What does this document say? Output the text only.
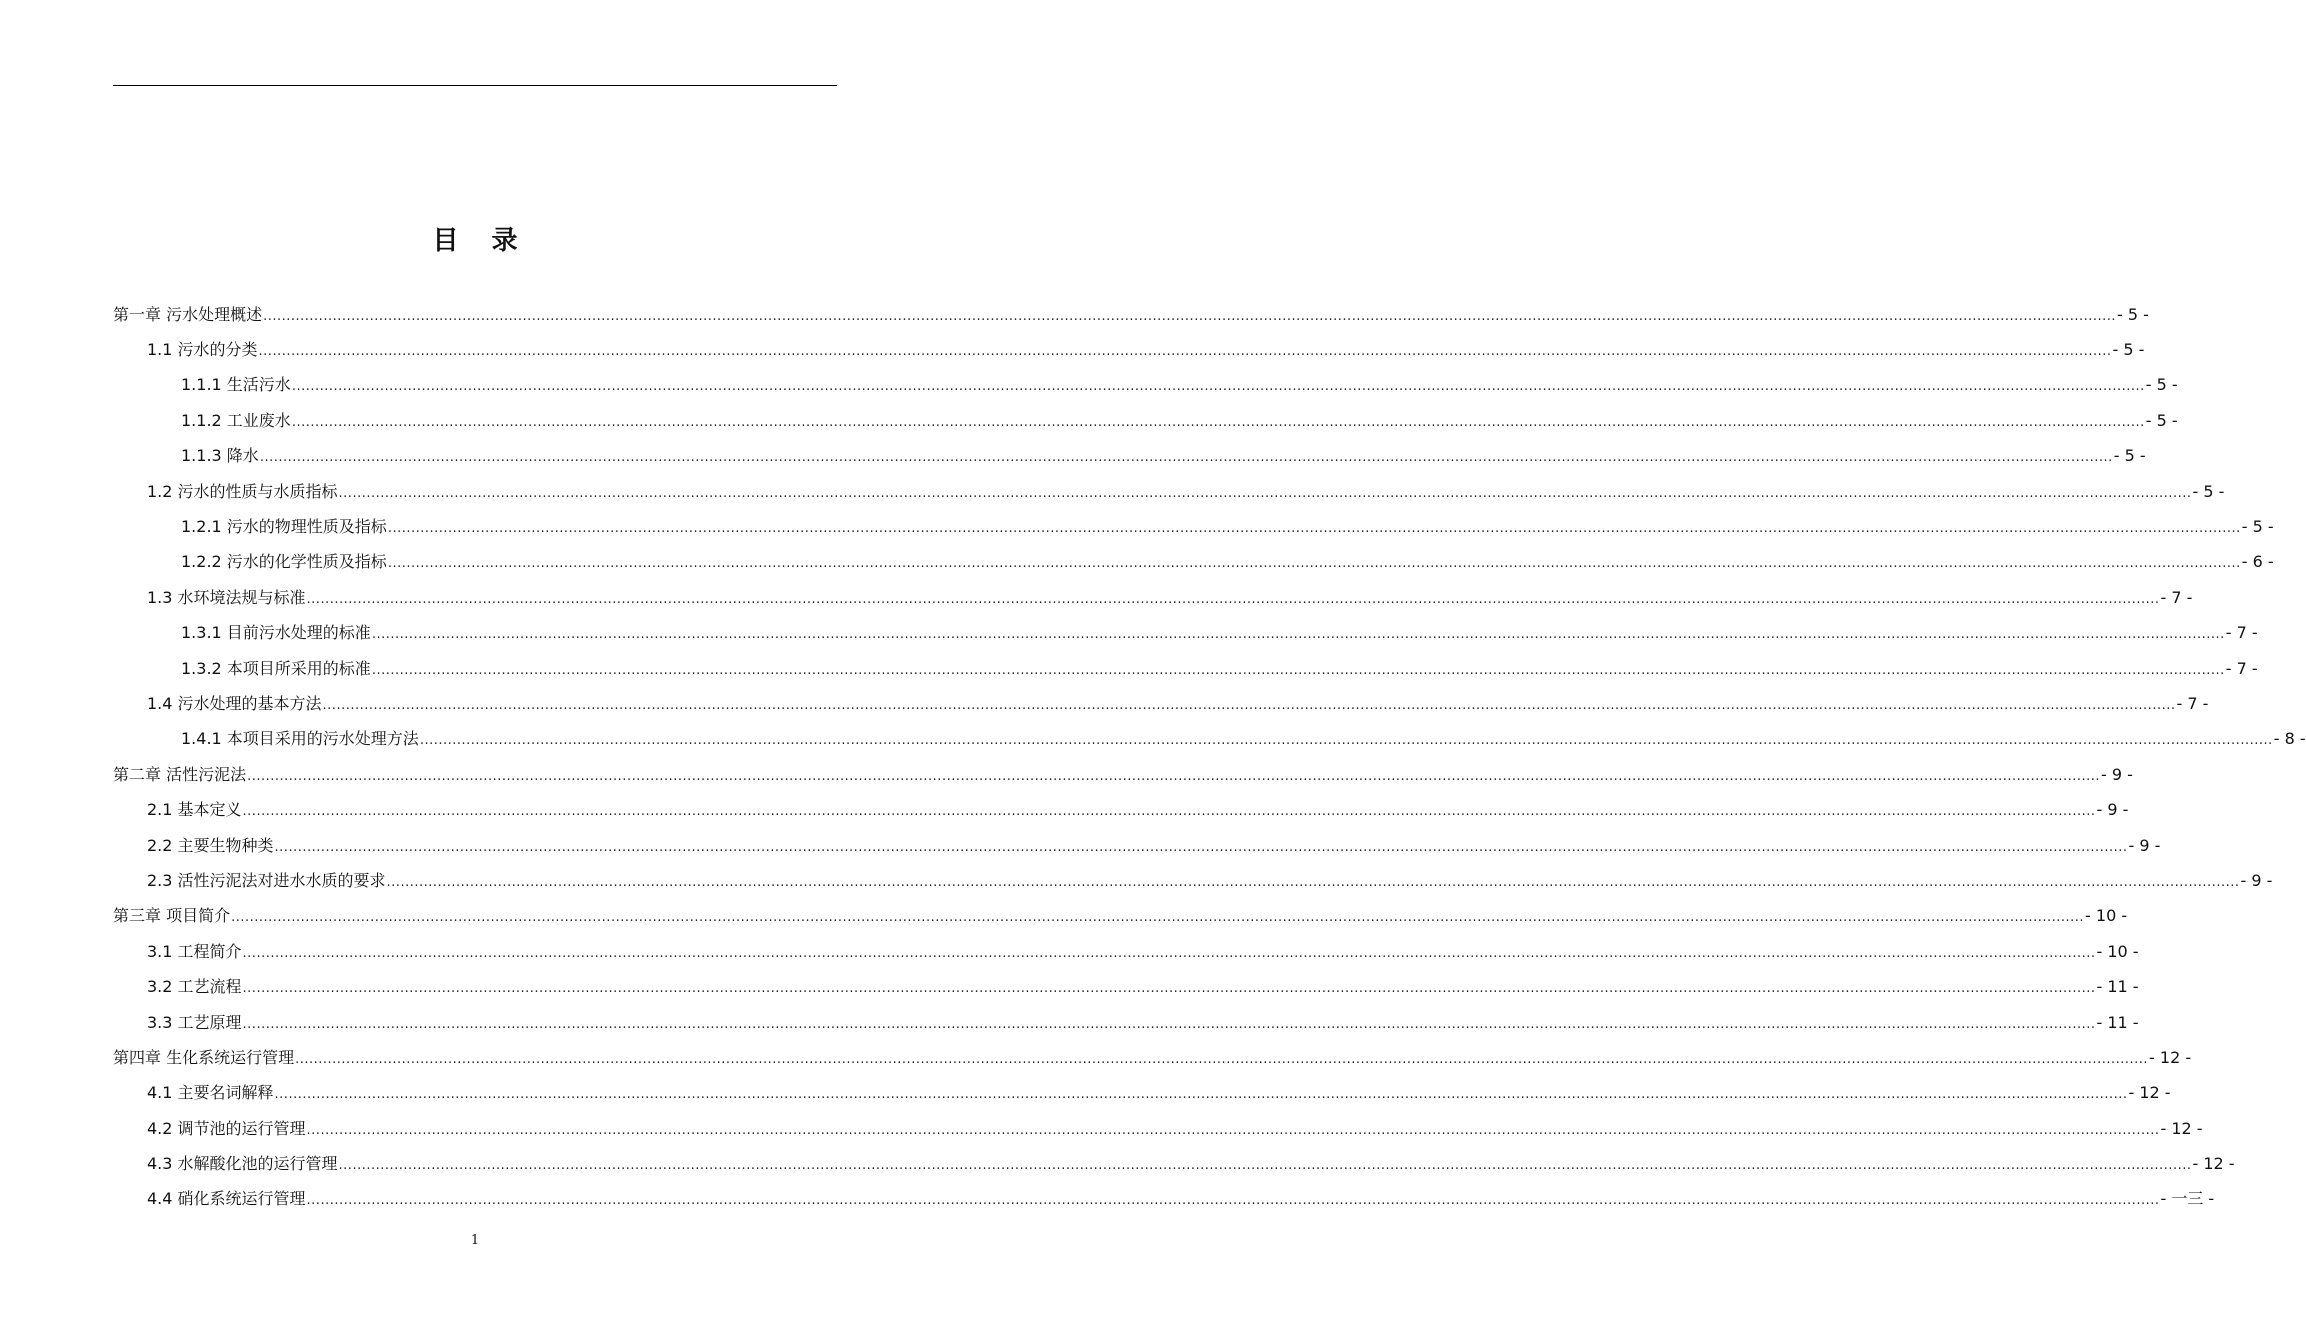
目 录
第一章 污水处理概述 ................................................................................................................................................................................................................................................................................................................................................................................................................ - 5 -
1.1 污水的分类 ................................................................................................................................................................................................................................................................................................................................................................................................................ - 5 -
1.1.1 生活污水 ................................................................................................................................................................................................................................................................................................................................................................................................................ - 5 -
1.1.2 工业废水 ................................................................................................................................................................................................................................................................................................................................................................................................................ - 5 -
1.1.3 降水 ................................................................................................................................................................................................................................................................................................................................................................................................................ - 5 -
1.2 污水的性质与水质指标 ................................................................................................................................................................................................................................................................................................................................................................................................................ - 5 -
1.2.1 污水的物理性质及指标 ................................................................................................................................................................................................................................................................................................................................................................................................................ - 5 -
1.2.2 污水的化学性质及指标 ................................................................................................................................................................................................................................................................................................................................................................................................................ - 6 -
1.3 水环境法规与标准 ................................................................................................................................................................................................................................................................................................................................................................................................................ - 7 -
1.3.1 目前污水处理的标准 ................................................................................................................................................................................................................................................................................................................................................................................................................ - 7 -
1.3.2 本项目所采用的标准 ................................................................................................................................................................................................................................................................................................................................................................................................................ - 7 -
1.4 污水处理的基本方法 ................................................................................................................................................................................................................................................................................................................................................................................................................ - 7 -
1.4.1 本项目采用的污水处理方法 ................................................................................................................................................................................................................................................................................................................................................................................................................ - 8 -
第二章 活性污泥法 ................................................................................................................................................................................................................................................................................................................................................................................................................ - 9 -
2.1 基本定义 ................................................................................................................................................................................................................................................................................................................................................................................................................ - 9 -
2.2 主要生物种类 ................................................................................................................................................................................................................................................................................................................................................................................................................ - 9 -
2.3 活性污泥法对进水水质的要求 ................................................................................................................................................................................................................................................................................................................................................................................................................ - 9 -
第三章 项目简介 ................................................................................................................................................................................................................................................................................................................................................................................................................ - 10 -
3.1 工程简介 ................................................................................................................................................................................................................................................................................................................................................................................................................ - 10 -
3.2 工艺流程 ................................................................................................................................................................................................................................................................................................................................................................................................................ - 11 -
3.3 工艺原理 ................................................................................................................................................................................................................................................................................................................................................................................................................ - 11 -
第四章 生化系统运行管理 ................................................................................................................................................................................................................................................................................................................................................................................................................ - 12 -
4.1 主要名词解释 ................................................................................................................................................................................................................................................................................................................................................................................................................ - 12 -
4.2 调节池的运行管理 ................................................................................................................................................................................................................................................................................................................................................................................................................ - 12 -
4.3 水解酸化池的运行管理 ................................................................................................................................................................................................................................................................................................................................................................................................................ - 12 -
4.4 硝化系统运行管理 ................................................................................................................................................................................................................................................................................................................................................................................................................ - 一三 -
1
